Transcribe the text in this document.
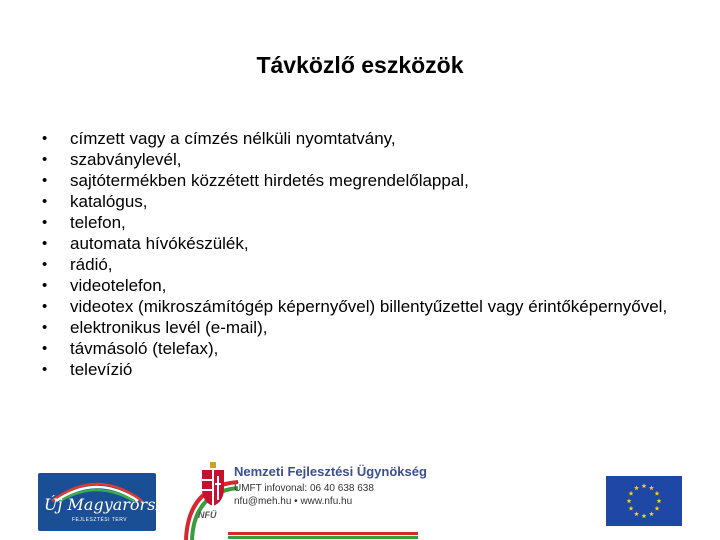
Távközlő eszközök
• címzett vagy a címzés nélküli nyomtatvány,
• szabványlevél,
• sajtótermékben közzétett hirdetés megrendelőlappal,
• katalógus,
• telefon,
• automata hívókészülék,
• rádió,
• videotelefon,
• videotex (mikroszámítógép képernyővel) billentyűzettel vagy érintőképernyővel,
• elektronikus levél (e-mail),
• távmásoló (telefax),
• televízió
Új Magyarország
FEJLESZTÉSI TERV	NFÜ
Nemzeti Fejlesztési Ügynökség
ÚMFT infovonal: 06 40 638 638
nfu@meh.hu • www.nfu.hu
